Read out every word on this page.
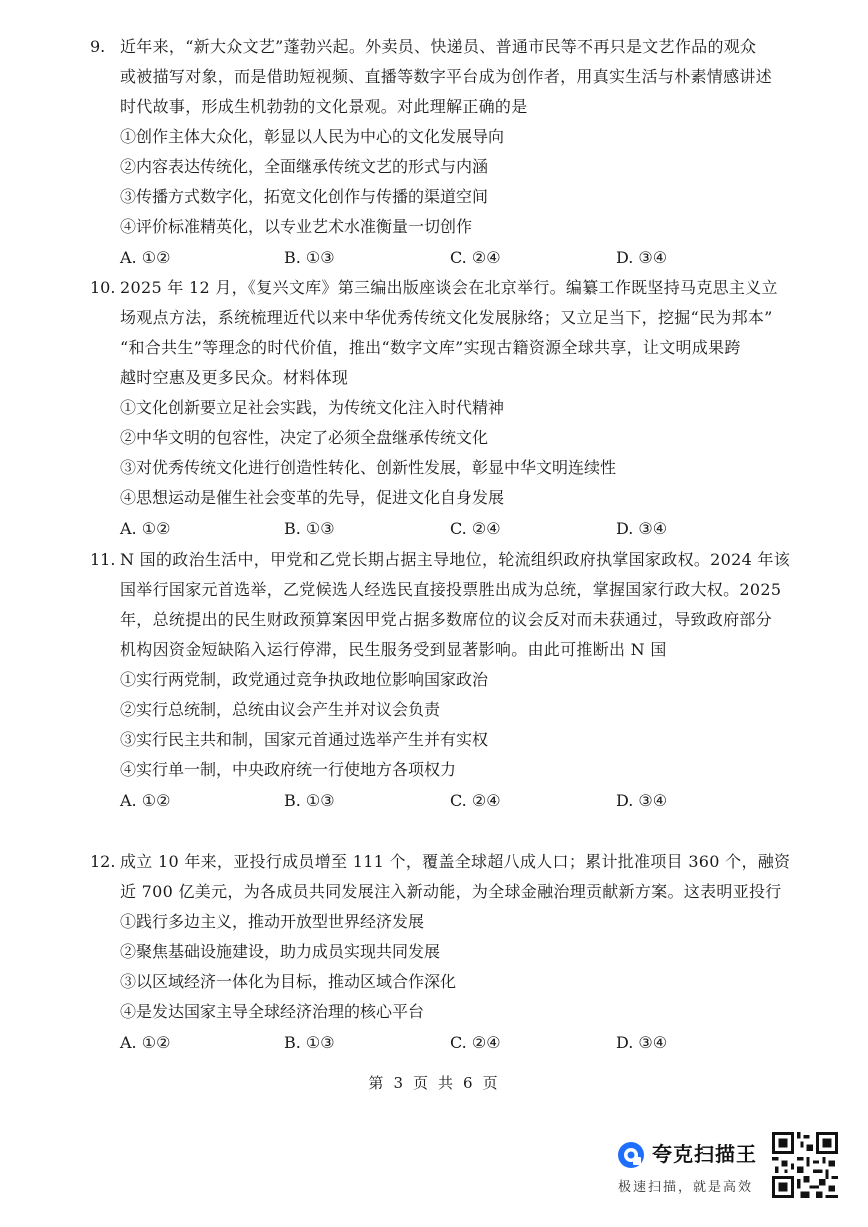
9. 近年来，“新大众文艺”蓬勃兴起。外卖员、快递员、普通市民等不再只是文艺作品的观众
或被描写对象，而是借助短视频、直播等数字平台成为创作者，用真实生活与朴素情感讲述
时代故事，形成生机勃勃的文化景观。对此理解正确的是
①创作主体大众化，彰显以人民为中心的文化发展导向
②内容表达传统化，全面继承传统文艺的形式与内涵
③传播方式数字化，拓宽文化创作与传播的渠道空间
④评价标准精英化，以专业艺术水准衡量一切创作
A. ①②	B. ①③	C. ②④	D. ③④
10. 2025 年 12 月，《复兴文库》第三编出版座谈会在北京举行。编纂工作既坚持马克思主义立
场观点方法，系统梳理近代以来中华优秀传统文化发展脉络；又立足当下，挖掘“民为邦本”
“和合共生”等理念的时代价值，推出“数字文库”实现古籍资源全球共享，让文明成果跨
越时空惠及更多民众。材料体现
①文化创新要立足社会实践，为传统文化注入时代精神
②中华文明的包容性，决定了必须全盘继承传统文化
③对优秀传统文化进行创造性转化、创新性发展，彰显中华文明连续性
④思想运动是催生社会变革的先导，促进文化自身发展
A. ①②	B. ①③	C. ②④	D. ③④
11. N 国的政治生活中，甲党和乙党长期占据主导地位，轮流组织政府执掌国家政权。2024 年该
国举行国家元首选举，乙党候选人经选民直接投票胜出成为总统，掌握国家行政大权。2025
年，总统提出的民生财政预算案因甲党占据多数席位的议会反对而未获通过，导致政府部分
机构因资金短缺陷入运行停滞，民生服务受到显著影响。由此可推断出 N 国
①实行两党制，政党通过竞争执政地位影响国家政治
②实行总统制，总统由议会产生并对议会负责
③实行民主共和制，国家元首通过选举产生并有实权
④实行单一制，中央政府统一行使地方各项权力
A. ①②	B. ①③	C. ②④	D. ③④
12. 成立 10 年来，亚投行成员增至 111 个，覆盖全球超八成人口；累计批准项目 360 个，融资
近 700 亿美元，为各成员共同发展注入新动能，为全球金融治理贡献新方案。这表明亚投行
①践行多边主义，推动开放型世界经济发展
②聚焦基础设施建设，助力成员实现共同发展
③以区域经济一体化为目标，推动区域合作深化
④是发达国家主导全球经济治理的核心平台
A. ①②	B. ①③	C. ②④	D. ③④
第 3 页 共 6 页
夸克扫描王
极速扫描，就是高效
